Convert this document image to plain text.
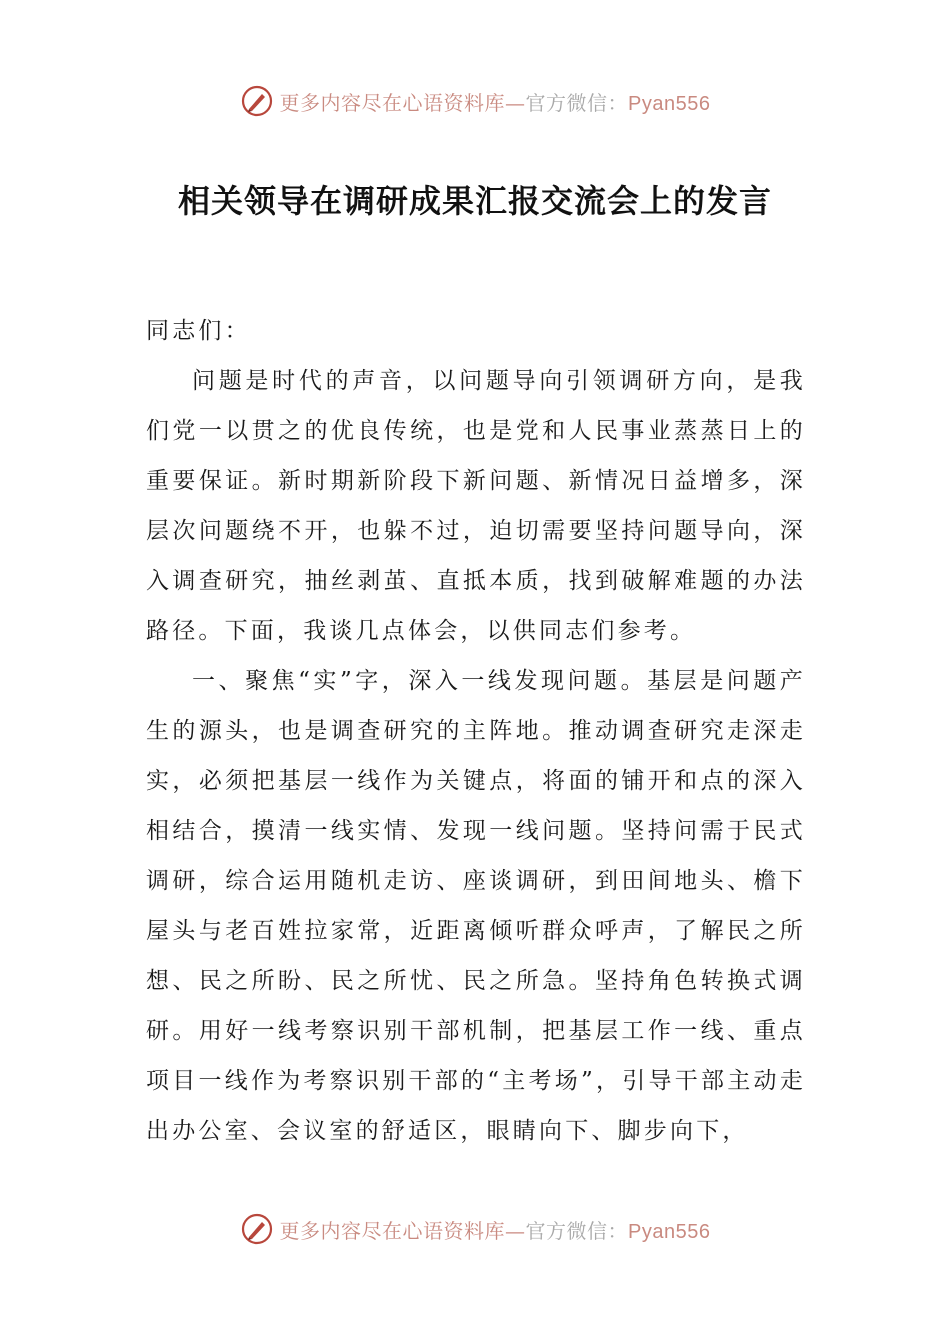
更多内容尽在心语资料库—官方微信：Pyan556
相关领导在调研成果汇报交流会上的发言

同志们：

问题是时代的声音，以问题导向引领调研方向，是我们党一以贯之的优良传统，也是党和人民事业蒸蒸日上的重要保证。新时期新阶段下新问题、新情况日益增多，深层次问题绕不开，也躲不过，迫切需要坚持问题导向，深入调查研究，抽丝剥茧、直抵本质，找到破解难题的办法路径。下面，我谈几点体会，以供同志们参考。

一、聚焦“实”字，深入一线发现问题。基层是问题产生的源头，也是调查研究的主阵地。推动调查研究走深走实，必须把基层一线作为关键点，将面的铺开和点的深入相结合，摸清一线实情、发现一线问题。坚持问需于民式调研，综合运用随机走访、座谈调研，到田间地头、檐下屋头与老百姓拉家常，近距离倾听群众呼声，了解民之所想、民之所盼、民之所忧、民之所急。坚持角色转换式调研。用好一线考察识别干部机制，把基层工作一线、重点项目一线作为考察识别干部的“主考场”，引导干部主动走出办公室、会议室的舒适区，眼睛向下、脚步向下，

更多内容尽在心语资料库—官方微信：Pyan556
